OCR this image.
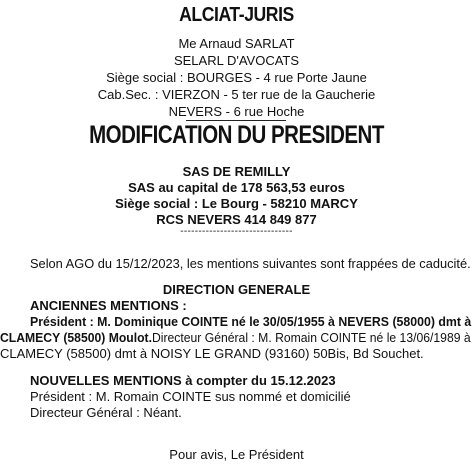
ALCIAT-JURIS
Me Arnaud SARLAT
SELARL D'AVOCATS
Siège social : BOURGES - 4 rue Porte Jaune
Cab.Sec. : VIERZON - 5 ter rue de la Gaucherie
NEVERS - 6 rue Hoche
MODIFICATION DU PRESIDENT
SAS DE REMILLY
SAS au capital de 178 563,53 euros
Siège social : Le Bourg - 58210 MARCY
RCS NEVERS 414 849 877
-------------------------------
Selon AGO du 15/12/2023, les mentions suivantes sont frappées de caducité.
DIRECTION GENERALE
ANCIENNES MENTIONS :
Président : M. Dominique COINTE né le 30/05/1955 à NEVERS (58000) dmt à
CLAMECY (58500) Moulot.Directeur Général : M. Romain COINTE né le 13/06/1989 à
CLAMECY (58500) dmt à NOISY LE GRAND (93160) 50Bis, Bd Souchet.
NOUVELLES MENTIONS à compter du 15.12.2023
Président : M. Romain COINTE sus nommé et domicilié
Directeur Général : Néant.
Pour avis, Le Président
